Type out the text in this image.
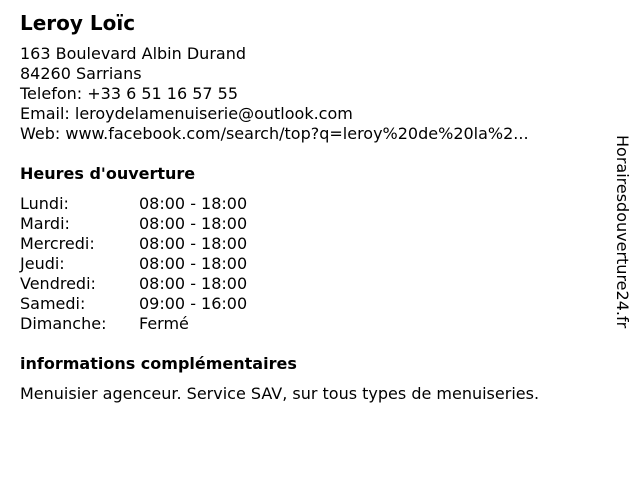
Leroy Loïc
163 Boulevard Albin Durand
84260 Sarrians
Telefon: +33 6 51 16 57 55
Email: leroydelamenuiserie@outlook.com
Web: www.facebook.com/search/top?q=leroy%20de%20la%2...
Heures d'ouverture
Lundi:	08:00 - 18:00
Mardi:	08:00 - 18:00
Mercredi:	08:00 - 18:00
Jeudi:	08:00 - 18:00
Vendredi:	08:00 - 18:00
Samedi:	09:00 - 16:00
Dimanche: Fermé
informations complémentaires
Menuisier agenceur. Service SAV, sur tous types de menuiseries.
Horairesdouverture24.fr
